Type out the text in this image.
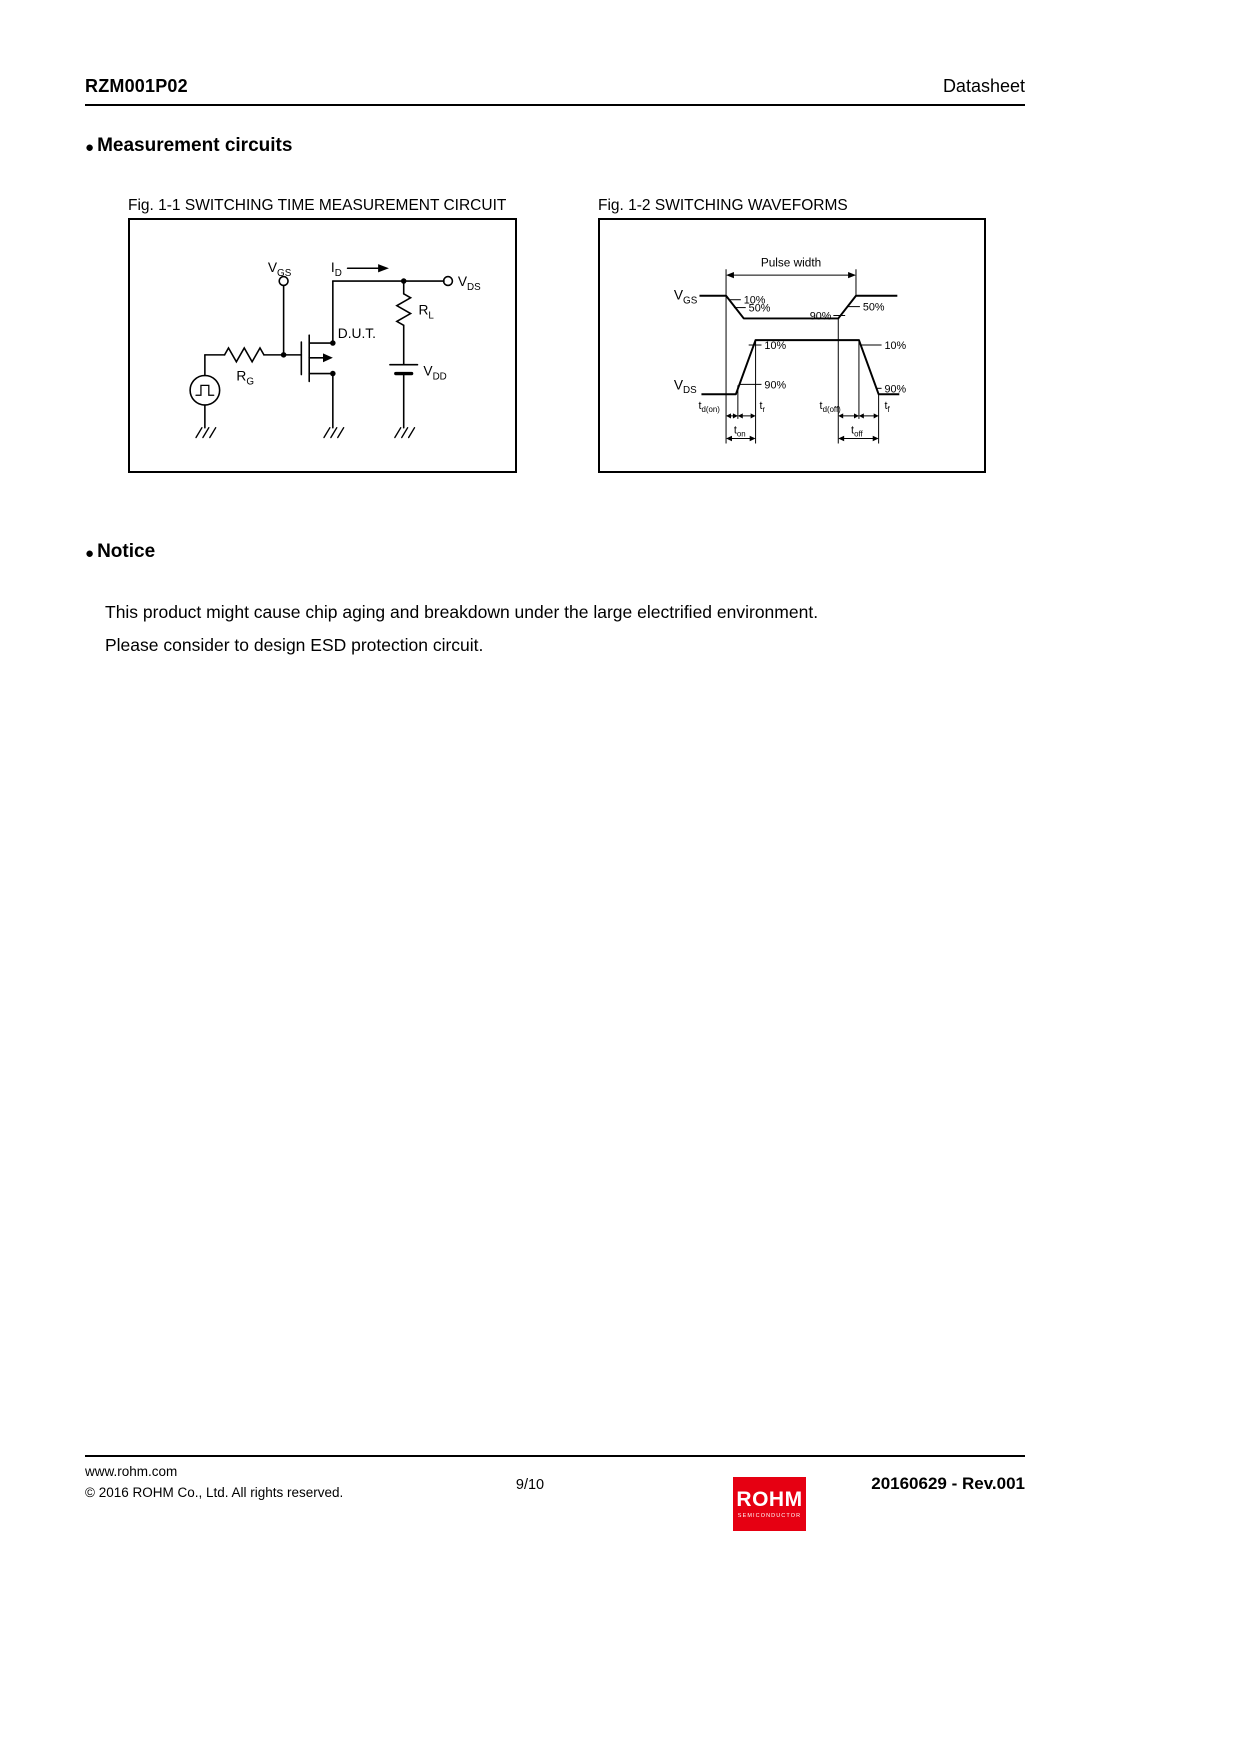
RZM001P02	Datasheet
● Measurement circuits
Fig. 1-1 SWITCHING TIME MEASUREMENT CIRCUIT	Fig. 1-2 SWITCHING WAVEFORMS
$V_{GS}$	$I_D$
$V_{DS}$
$R_L$
D.U.T.
$R_G$
$V_{DD}$
Pulse width
$V_{GS}$
$V_{DS}$
10%
50%
90%
50%
10%
90%
10%
90%
$t_{d(on)}$	$t_r$	$t_{d(off)}$	$t_f$
$t_{on}$	$t_{off}$
● Notice
This product might cause chip aging and breakdown under the large electrified environment.
Please consider to design ESD protection circuit.
www.rohm.com
© 2016 ROHM Co., Ltd. All rights reserved.	9/10
ROHM
SEMICONDUCTOR
20160629 - Rev.001
